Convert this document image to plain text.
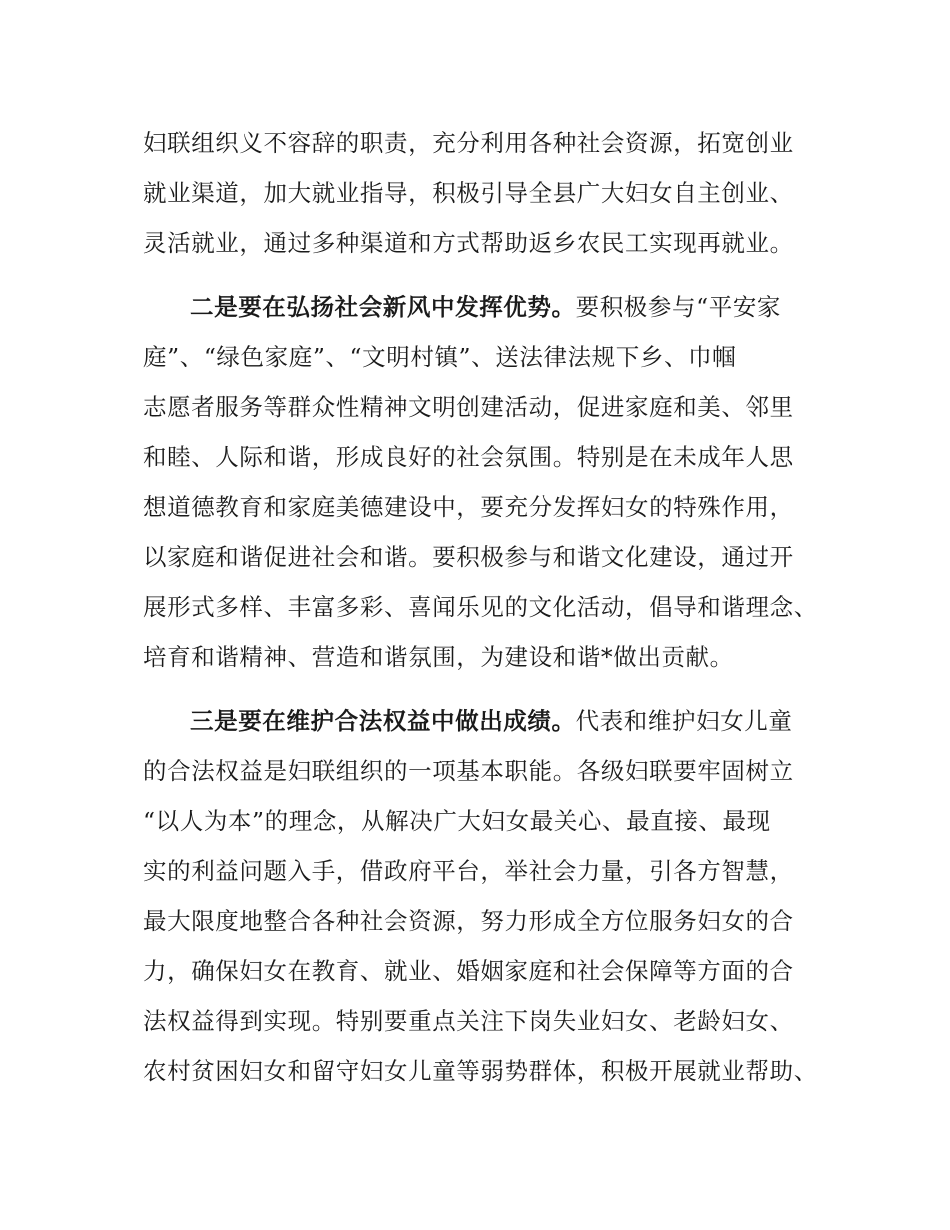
妇联组织义不容辞的职责，充分利用各种社会资源，拓宽创业
就业渠道，加大就业指导，积极引导全县广大妇女自主创业、
灵活就业，通过多种渠道和方式帮助返乡农民工实现再就业。
二是要在弘扬社会新风中发挥优势。要积极参与“平安家
庭”、“绿色家庭”、“文明村镇”、送法律法规下乡、巾帼
志愿者服务等群众性精神文明创建活动，促进家庭和美、邻里
和睦、人际和谐，形成良好的社会氛围。特别是在未成年人思
想道德教育和家庭美德建设中，要充分发挥妇女的特殊作用，
以家庭和谐促进社会和谐。要积极参与和谐文化建设，通过开
展形式多样、丰富多彩、喜闻乐见的文化活动，倡导和谐理念、
培育和谐精神、营造和谐氛围，为建设和谐*做出贡献。
三是要在维护合法权益中做出成绩。代表和维护妇女儿童
的合法权益是妇联组织的一项基本职能。各级妇联要牢固树立
“以人为本”的理念，从解决广大妇女最关心、最直接、最现
实的利益问题入手，借政府平台，举社会力量，引各方智慧，
最大限度地整合各种社会资源，努力形成全方位服务妇女的合
力，确保妇女在教育、就业、婚姻家庭和社会保障等方面的合
法权益得到实现。特别要重点关注下岗失业妇女、老龄妇女、
农村贫困妇女和留守妇女儿童等弱势群体，积极开展就业帮助、
